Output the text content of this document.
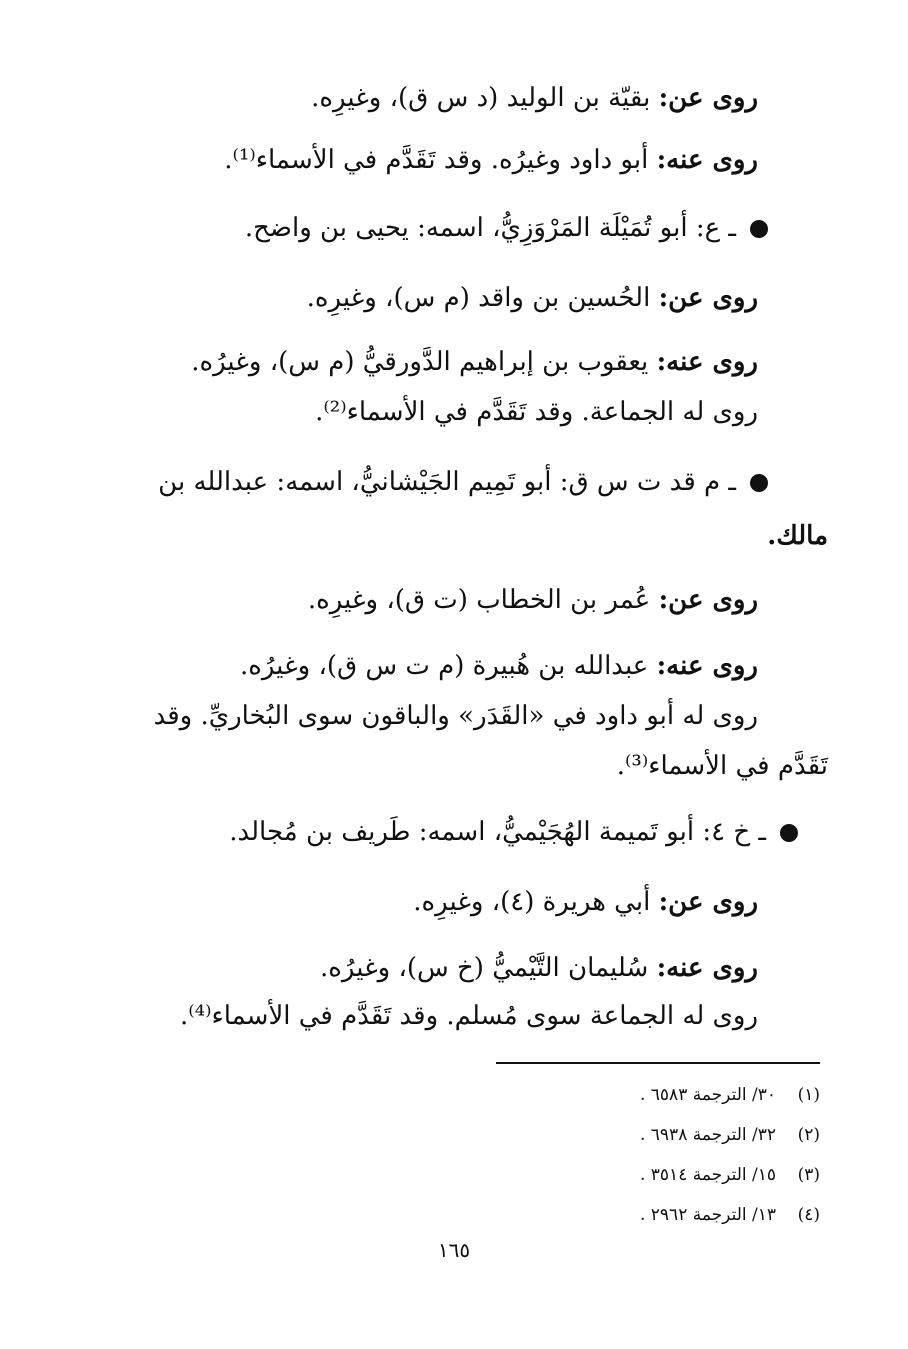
روى عن: بقيّة بن الوليد (د س ق)، وغيرِه.
روى عنه: أبو داود وغيرُه. وقد تَقَدَّم في الأسماء⁽¹⁾.
ـ ع: أبو تُمَيْلَة المَرْوَزِيُّ، اسمه: يحيى بن واضح.
روى عن: الحُسين بن واقد (م س)، وغيرِه.
روى عنه: يعقوب بن إبراهيم الدَّورقيُّ (م س)، وغيرُه.
روى له الجماعة. وقد تَقَدَّم في الأسماء⁽²⁾.
ـ م قد ت س ق: أبو تَمِيم الجَيْشانيُّ، اسمه: عبدالله بن
مالك.
روى عن: عُمر بن الخطاب (ت ق)، وغيرِه.
روى عنه: عبدالله بن هُبيرة (م ت س ق)، وغيرُه.
روى له أبو داود في «القَدَر» والباقون سوى البُخاريِّ. وقد
تَقَدَّم في الأسماء⁽³⁾.
ـ خ ٤: أبو تَميمة الهُجَيْميُّ، اسمه: طَريف بن مُجالد.
روى عن: أبي هريرة (٤)، وغيرِه.
روى عنه: سُليمان التَّيْميُّ (خ س)، وغيرُه.
روى له الجماعة سوى مُسلم. وقد تَقَدَّم في الأسماء⁽⁴⁾.
(١)٣٠/ الترجمة ٦٥٨٣ .
(٢)٣٢/ الترجمة ٦٩٣٨ .
(٣)١٥/ الترجمة ٣٥١٤ .
(٤)١٣/ الترجمة ٢٩٦٢ .
١٦٥
